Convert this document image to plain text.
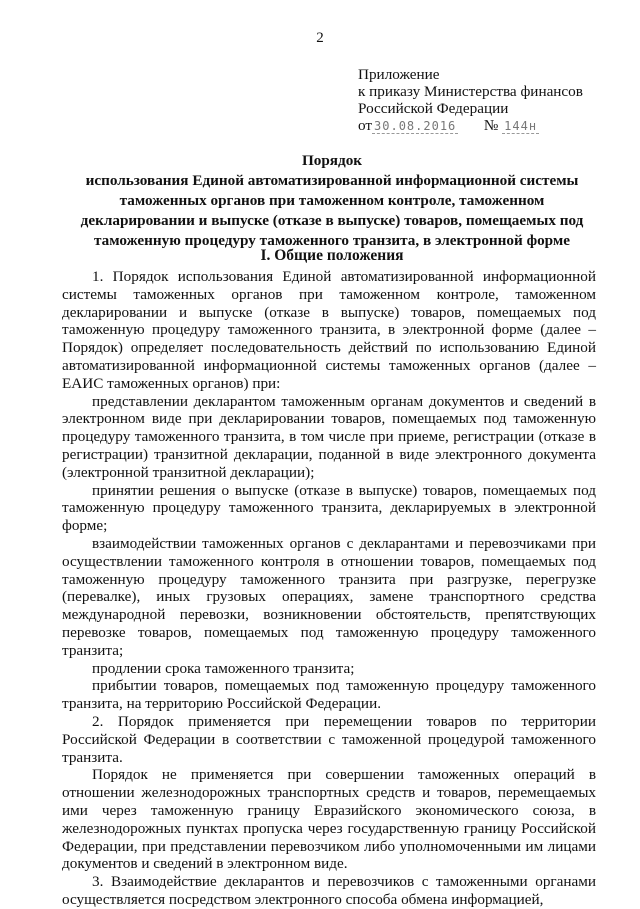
2
Приложение
к приказу Министерства финансов
Российской Федерации
от 30.08.2016 № 144н
Порядок
использования Единой автоматизированной информационной системы таможенных органов при таможенном контроле, таможенном декларировании и выпуске (отказе в выпуске) товаров, помещаемых под таможенную процедуру таможенного транзита, в электронной форме
I. Общие положения

1. Порядок использования Единой автоматизированной информационной системы таможенных органов при таможенном контроле, таможенном декларировании и выпуске (отказе в выпуске) товаров, помещаемых под таможенную процедуру таможенного транзита, в электронной форме (далее – Порядок) определяет последовательность действий по использованию Единой автоматизированной информационной системы таможенных органов (далее – ЕАИС таможенных органов) при:

представлении декларантом таможенным органам документов и сведений в электронном виде при декларировании товаров, помещаемых под таможенную процедуру таможенного транзита, в том числе при приеме, регистрации (отказе в регистрации) транзитной декларации, поданной в виде электронного документа (электронной транзитной декларации);

принятии решения о выпуске (отказе в выпуске) товаров, помещаемых под таможенную процедуру таможенного транзита, декларируемых в электронной форме;

взаимодействии таможенных органов с декларантами и перевозчиками при осуществлении таможенного контроля в отношении товаров, помещаемых под таможенную процедуру таможенного транзита при разгрузке, перегрузке (перевалке), иных грузовых операциях, замене транспортного средства международной перевозки, возникновении обстоятельств, препятствующих перевозке товаров, помещаемых под таможенную процедуру таможенного транзита;

продлении срока таможенного транзита;

прибытии товаров, помещаемых под таможенную процедуру таможенного транзита, на территорию Российской Федерации.

2. Порядок применяется при перемещении товаров по территории Российской Федерации в соответствии с таможенной процедурой таможенного транзита.

Порядок не применяется при совершении таможенных операций в отношении железнодорожных транспортных средств и товаров, перемещаемых ими через таможенную границу Евразийского экономического союза, в железнодорожных пунктах пропуска через государственную границу Российской Федерации, при представлении перевозчиком либо уполномоченными им лицами документов и сведений в электронном виде.

3. Взаимодействие декларантов и перевозчиков с таможенными органами осуществляется посредством электронного способа обмена информацией,
